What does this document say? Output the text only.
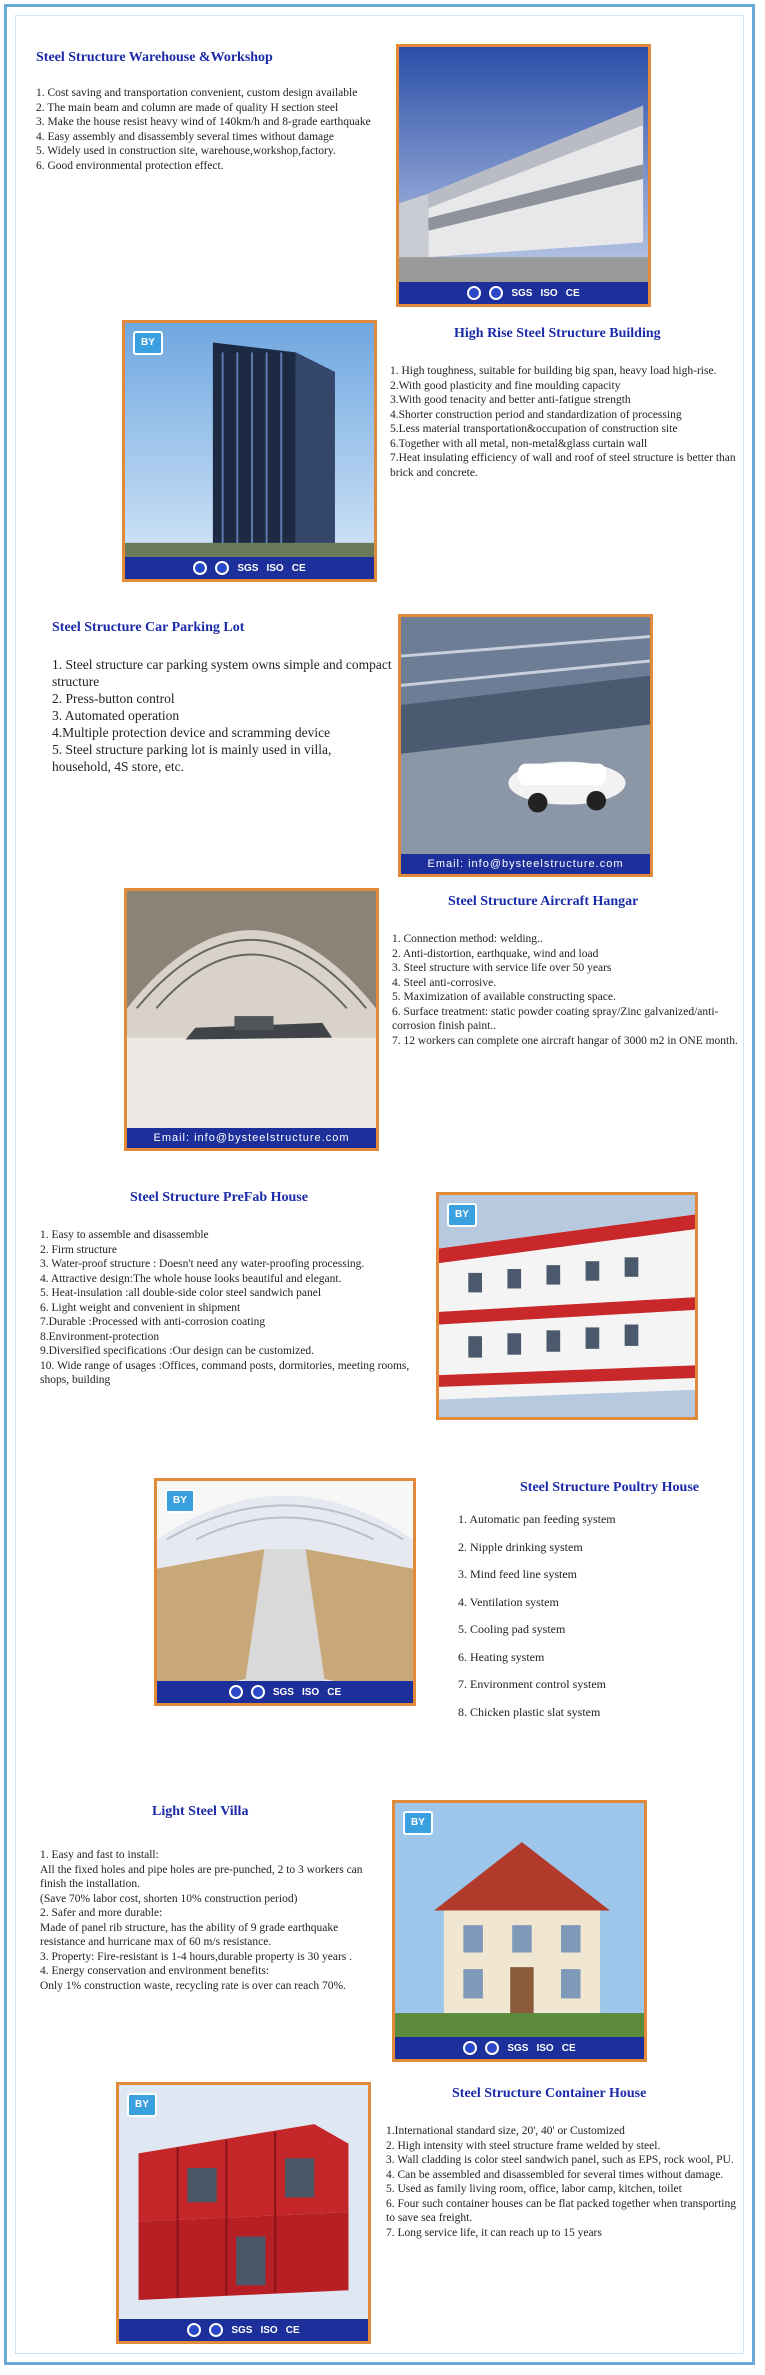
Steel Structure Warehouse &Workshop
1. Cost saving and transportation convenient, custom design available
2. The main beam and column are made of quality H section steel
3. Make the house resist heavy wind of 140km/h and 8-grade earthquake
4. Easy assembly and disassembly several times without damage
5. Widely used in construction site, warehouse,workshop,factory.
6. Good environmental protection effect.
SGS ISO CE
BY
SGS ISO CE
High Rise Steel Structure Building
1. High toughness, suitable for building big span, heavy load high-rise.
2.With good plasticity and fine moulding capacity
3.With good tenacity and better anti-fatigue strength
4.Shorter construction period and standardization of processing
5.Less material transportation&occupation of construction site
6.Together with all metal, non-metal&glass curtain wall
7.Heat insulating efficiency of wall and roof of steel structure is better than brick and concrete.
Steel Structure Car Parking Lot
1. Steel structure car parking system owns simple and compact structure
2. Press-button control
3. Automated operation
4.Multiple protection device and scramming device
5. Steel structure parking lot is mainly used in villa, household, 4S store, etc.
Email: info@bysteelstructure.com
Email: info@bysteelstructure.com
Steel Structure Aircraft Hangar
1. Connection method: welding..
2. Anti-distortion, earthquake, wind and load
3. Steel structure with service life over 50 years
4. Steel anti-corrosive.
5. Maximization of available constructing space.
6. Surface treatment: static powder coating spray/Zinc galvanized/anti-corrosion finish paint..
7. 12 workers can complete one aircraft hangar of 3000 m2 in ONE month.
Steel Structure PreFab House
1. Easy to assemble and disassemble
2. Firm structure
3. Water-proof structure : Doesn't need any water-proofing processing.
4. Attractive design:The whole house looks beautiful and elegant.
5. Heat-insulation :all double-side color steel sandwich panel
6. Light weight and convenient in shipment
7.Durable :Processed with anti-corrosion coating
8.Environment-protection
9.Diversified specifications :Our design can be customized.
10. Wide range of usages :Offices, command posts, dormitories, meeting rooms, shops, building
BY
BY
SGS ISO CE
Steel Structure Poultry House
1. Automatic pan feeding system
2. Nipple drinking system
3. Mind feed line system
4. Ventilation system
5. Cooling pad system
6. Heating system
7. Environment control system
8. Chicken plastic slat system
Light Steel Villa
1. Easy and fast to install:
All the fixed holes and pipe holes are pre-punched, 2 to 3 workers can finish the installation.
(Save 70% labor cost, shorten 10% construction period)
2. Safer and more durable:
Made of panel rib structure, has the ability of 9 grade earthquake resistance and hurricane max of 60 m/s resistance.
3. Property: Fire-resistant is 1-4 hours,durable property is 30 years .
4. Energy conservation and environment benefits:
Only 1% construction waste, recycling rate is over can reach 70%.
BY
SGS ISO CE
BY
SGS ISO CE
Steel Structure Container House
1.International standard size, 20', 40' or Customized
2. High intensity with steel structure frame welded by steel.
3. Wall cladding is color steel sandwich panel, such as EPS, rock wool, PU.
4. Can be assembled and disassembled for several times without damage.
5. Used as family living room, office, labor camp, kitchen, toilet
6. Four such container houses can be flat packed together when transporting to save sea freight.
7. Long service life, it can reach up to 15 years
